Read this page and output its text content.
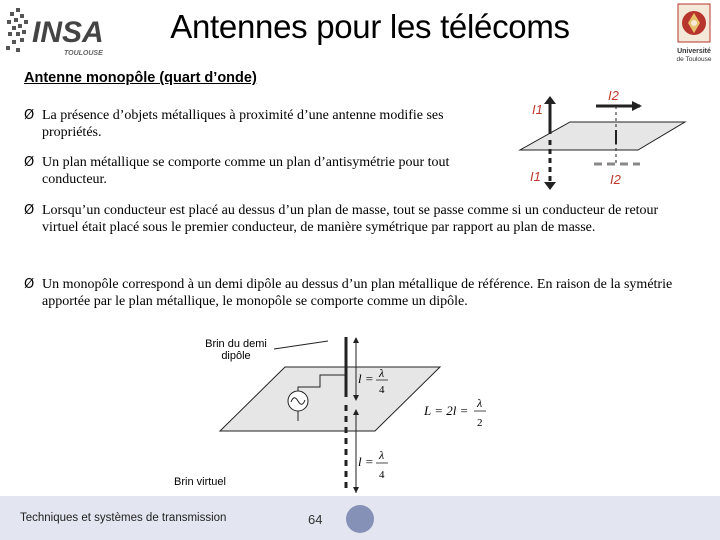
INSA
TOULOUSE
Antennes pour les télécoms
Université
de Toulouse
Antenne monopôle (quart d’onde)
Ø La présence d’objets métalliques à proximité d’une antenne modifie ses propriétés.
Ø Un plan métallique se comporte comme un plan d’antisymétrie pour tout conducteur.
Ø Lorsqu’un conducteur est placé au dessus d’un plan de masse, tout se passe comme si un conducteur de retour virtuel était placé sous le premier conducteur, de manière symétrique par rapport au plan de masse.
Ø Un monopôle correspond à un demi dipôle au dessus d’un plan métallique de référence. En raison de la symétrie apportée par le plan métallique, le monopôle se comporte comme un dipôle.
I1
I2
I1	I2
l = λ
4
L = 2l = λ
2
l = λ
4
Brin du demi dipôle
Brin virtuel
Techniques et systèmes de transmission	64
